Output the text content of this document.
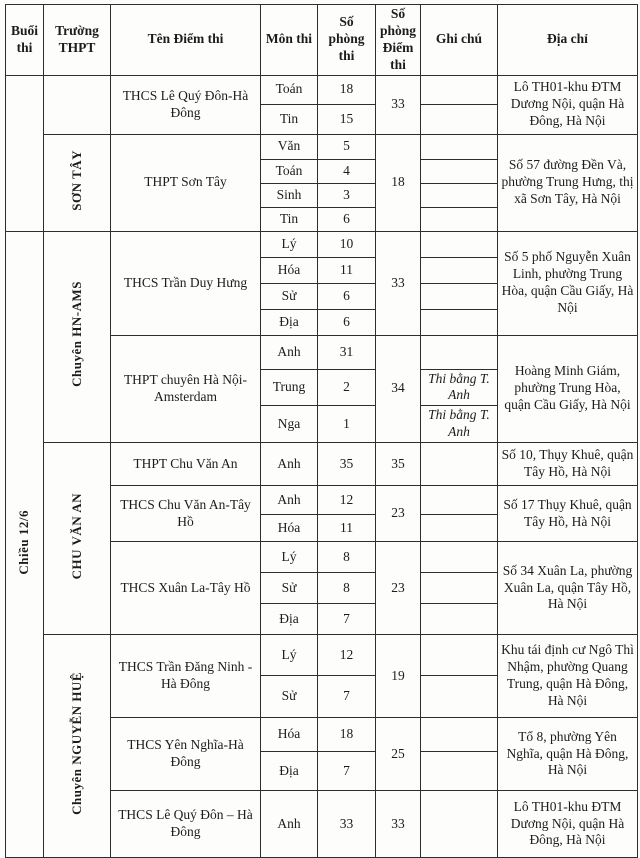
Buổi thi	Trường THPT	Tên Điểm thi	Môn thi	Số phòng thi	Số phòng Điểm thi	Ghi chú	Địa chỉ
		THCS Lê Quý Đôn-Hà Đông	Toán	18	33		Lô TH01-khu ĐTM Dương Nội, quận Hà Đông, Hà Nội
			Tin	15			
	SƠN TÂY	THPT Sơn Tây	Văn	5	18		Số 57 đường Đền Và, phường Trung Hưng, thị xã Sơn Tây, Hà Nội
			Toán	4			
			Sinh	3			
			Tin	6			
Chiều 12/6	Chuyên HN-AMS	THCS Trần Duy Hưng	Lý	10	33		Số 5 phố Nguyễn Xuân Linh, phường Trung Hòa, quận Cầu Giấy, Hà Nội
			Hóa	11			
			Sử	6			
			Địa	6			
		THPT chuyên Hà Nội-Amsterdam	Anh	31	34		Hoàng Minh Giám, phường Trung Hòa, quận Cầu Giấy, Hà Nội
			Trung	2		Thi bằng T. Anh	
			Nga	1		Thi bằng T. Anh	
	CHU VĂN AN	THPT Chu Văn An	Anh	35	35		Số 10, Thụy Khuê, quận Tây Hồ, Hà Nội
		THCS Chu Văn An-Tây Hồ	Anh	12	23		Số 17 Thụy Khuê, quận Tây Hồ, Hà Nội
			Hóa	11			
		THCS Xuân La-Tây Hồ	Lý	8	23		Số 34 Xuân La, phường Xuân La, quận Tây Hồ, Hà Nội
			Sử	8			
			Địa	7			
	Chuyên NGUYỄN HUỆ	THCS Trần Đăng Ninh - Hà Đông	Lý	12	19		Khu tái định cư Ngô Thì Nhậm, phường Quang Trung, quận Hà Đông, Hà Nội
			Sử	7			
		THCS Yên Nghĩa-Hà Đông	Hóa	18	25		Tổ 8, phường Yên Nghĩa, quận Hà Đông, Hà Nội
			Địa	7			
		THCS Lê Quý Đôn – Hà Đông	Anh	33	33		Lô TH01-khu ĐTM Dương Nội, quận Hà Đông, Hà Nội
